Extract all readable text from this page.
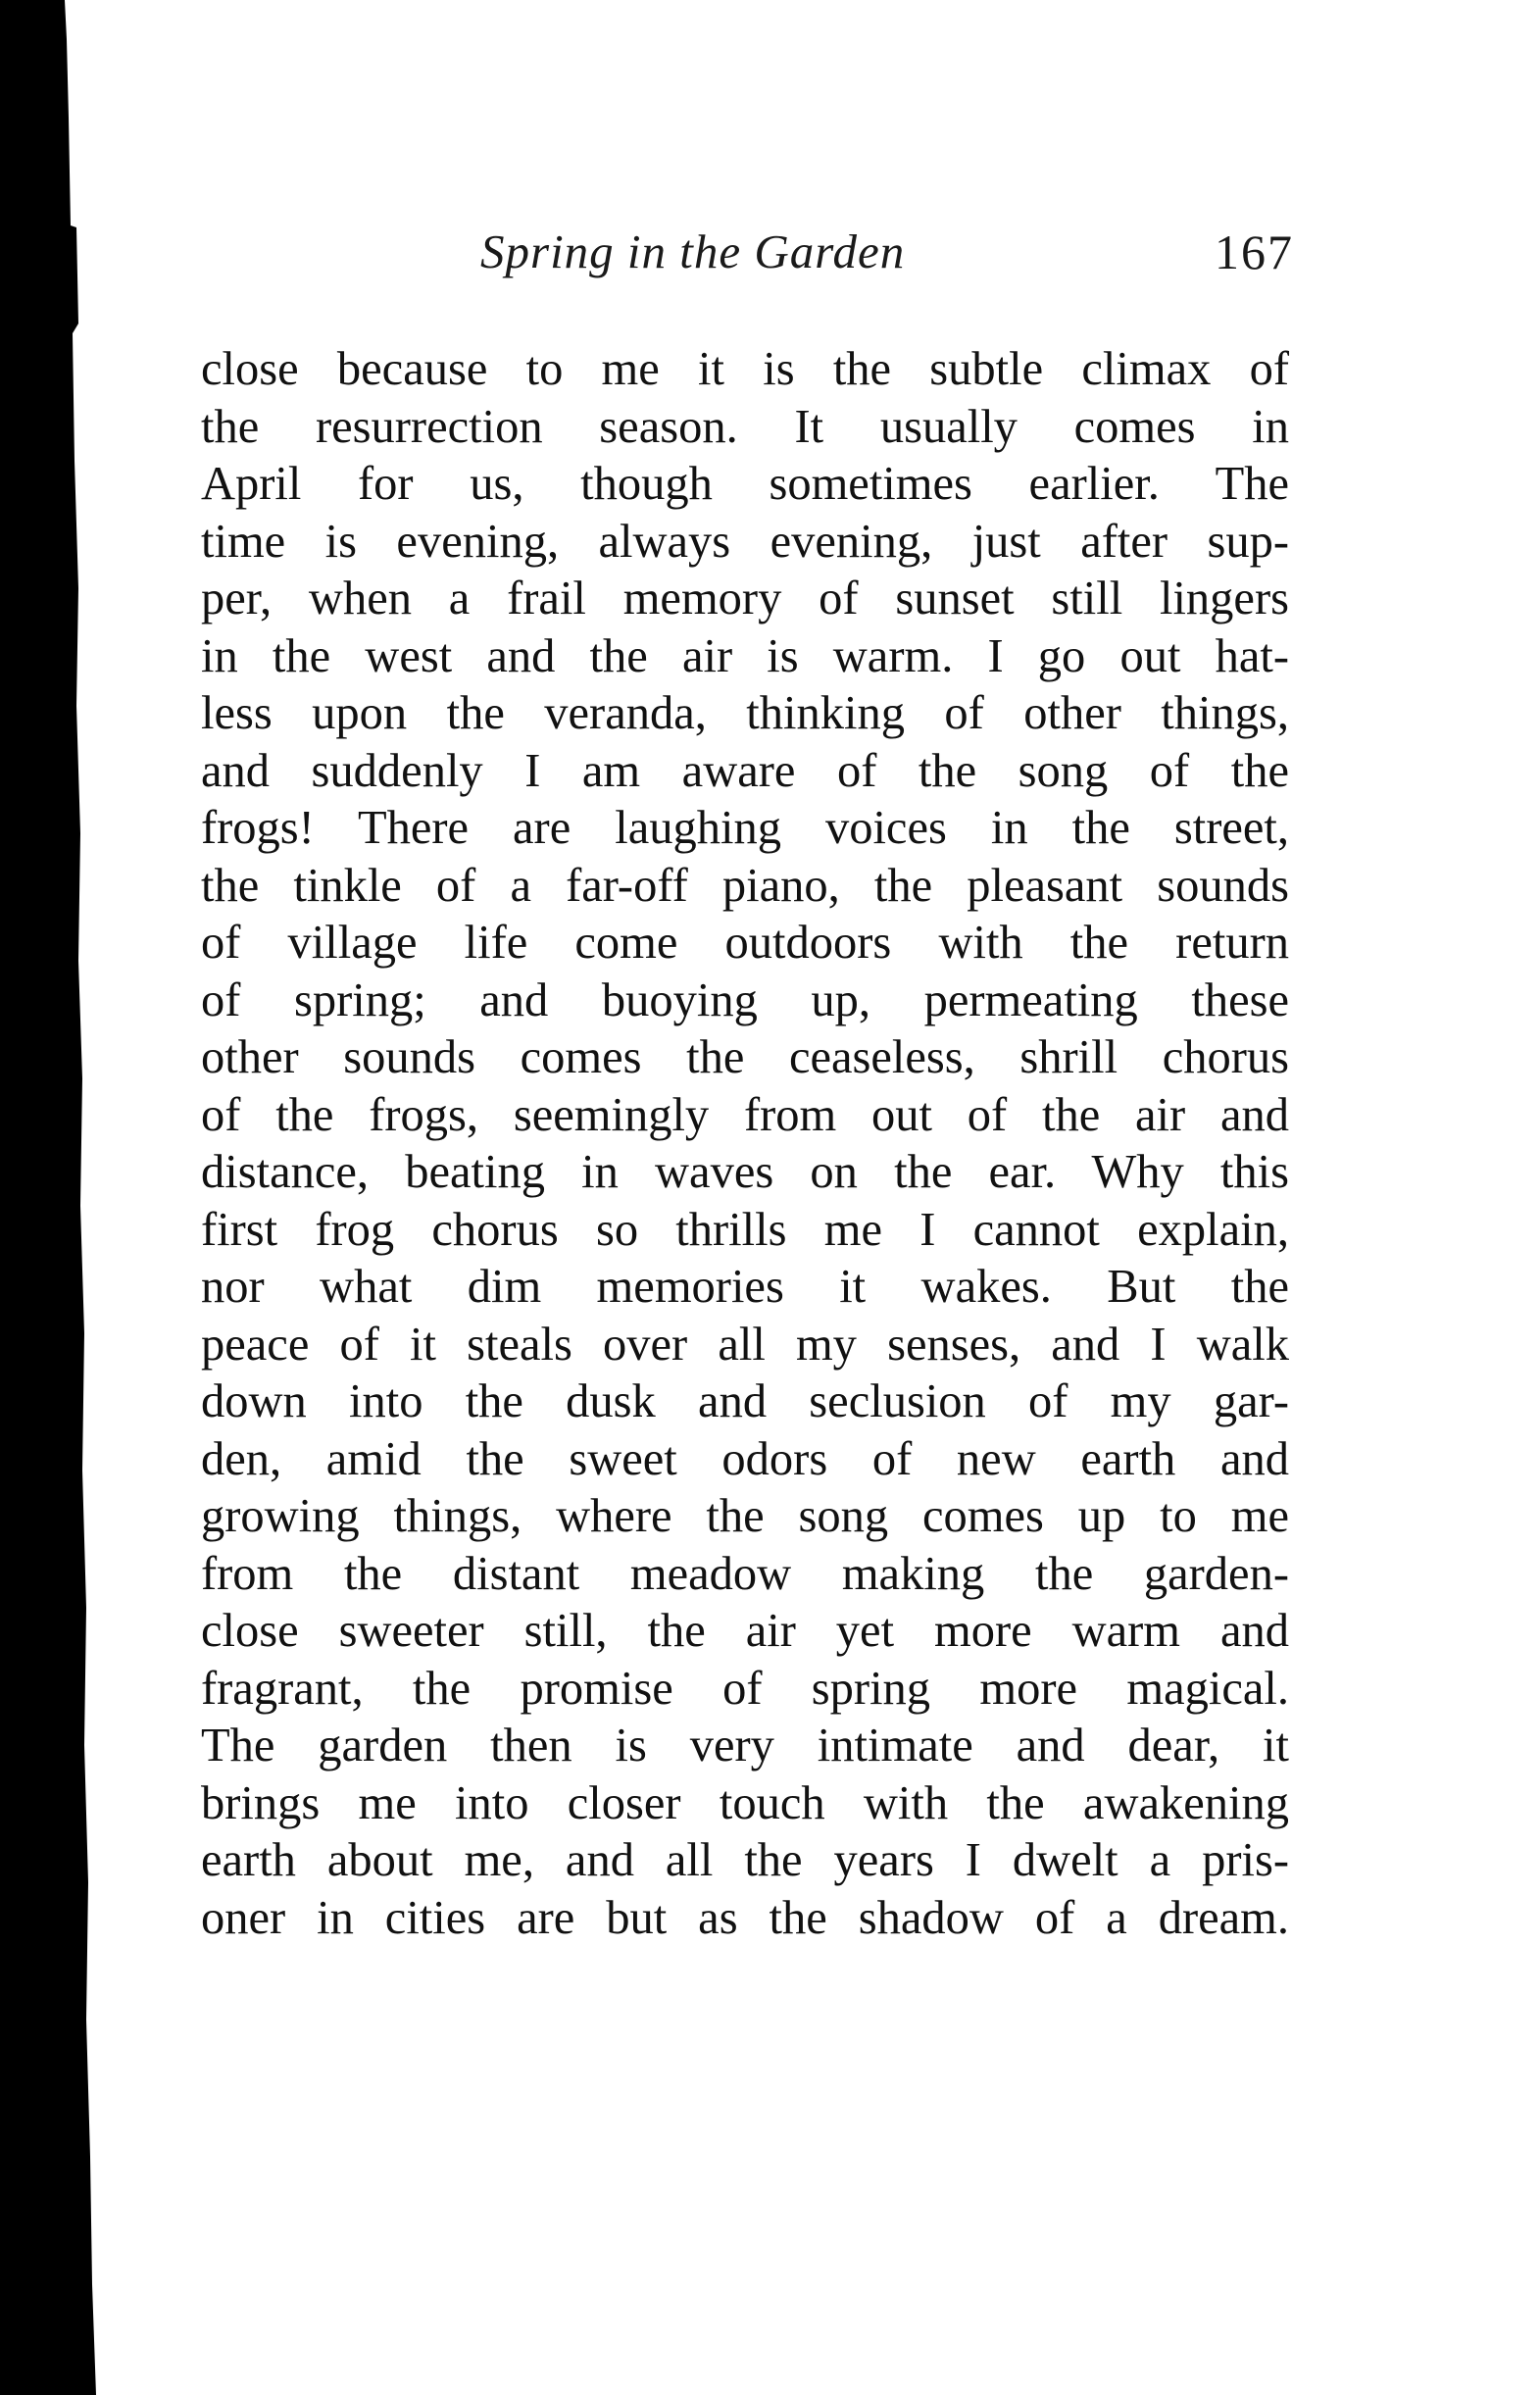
Spring in the Garden	167
close because to me it is the subtle climax of
the resurrection season. It usually comes in
April for us, though sometimes earlier. The
time is evening, always evening, just after sup-
per, when a frail memory of sunset still lingers
in the west and the air is warm. I go out hat-
less upon the veranda, thinking of other things,
and suddenly I am aware of the song of the
frogs! There are laughing voices in the street,
the tinkle of a far-off piano, the pleasant sounds
of village life come outdoors with the return
of spring; and buoying up, permeating these
other sounds comes the ceaseless, shrill chorus
of the frogs, seemingly from out of the air and
distance, beating in waves on the ear. Why this
first frog chorus so thrills me I cannot explain,
nor what dim memories it wakes. But the
peace of it steals over all my senses, and I walk
down into the dusk and seclusion of my gar-
den, amid the sweet odors of new earth and
growing things, where the song comes up to me
from the distant meadow making the garden-
close sweeter still, the air yet more warm and
fragrant, the promise of spring more magical.
The garden then is very intimate and dear, it
brings me into closer touch with the awakening
earth about me, and all the years I dwelt a pris-
oner in cities are but as the shadow of a dream.
